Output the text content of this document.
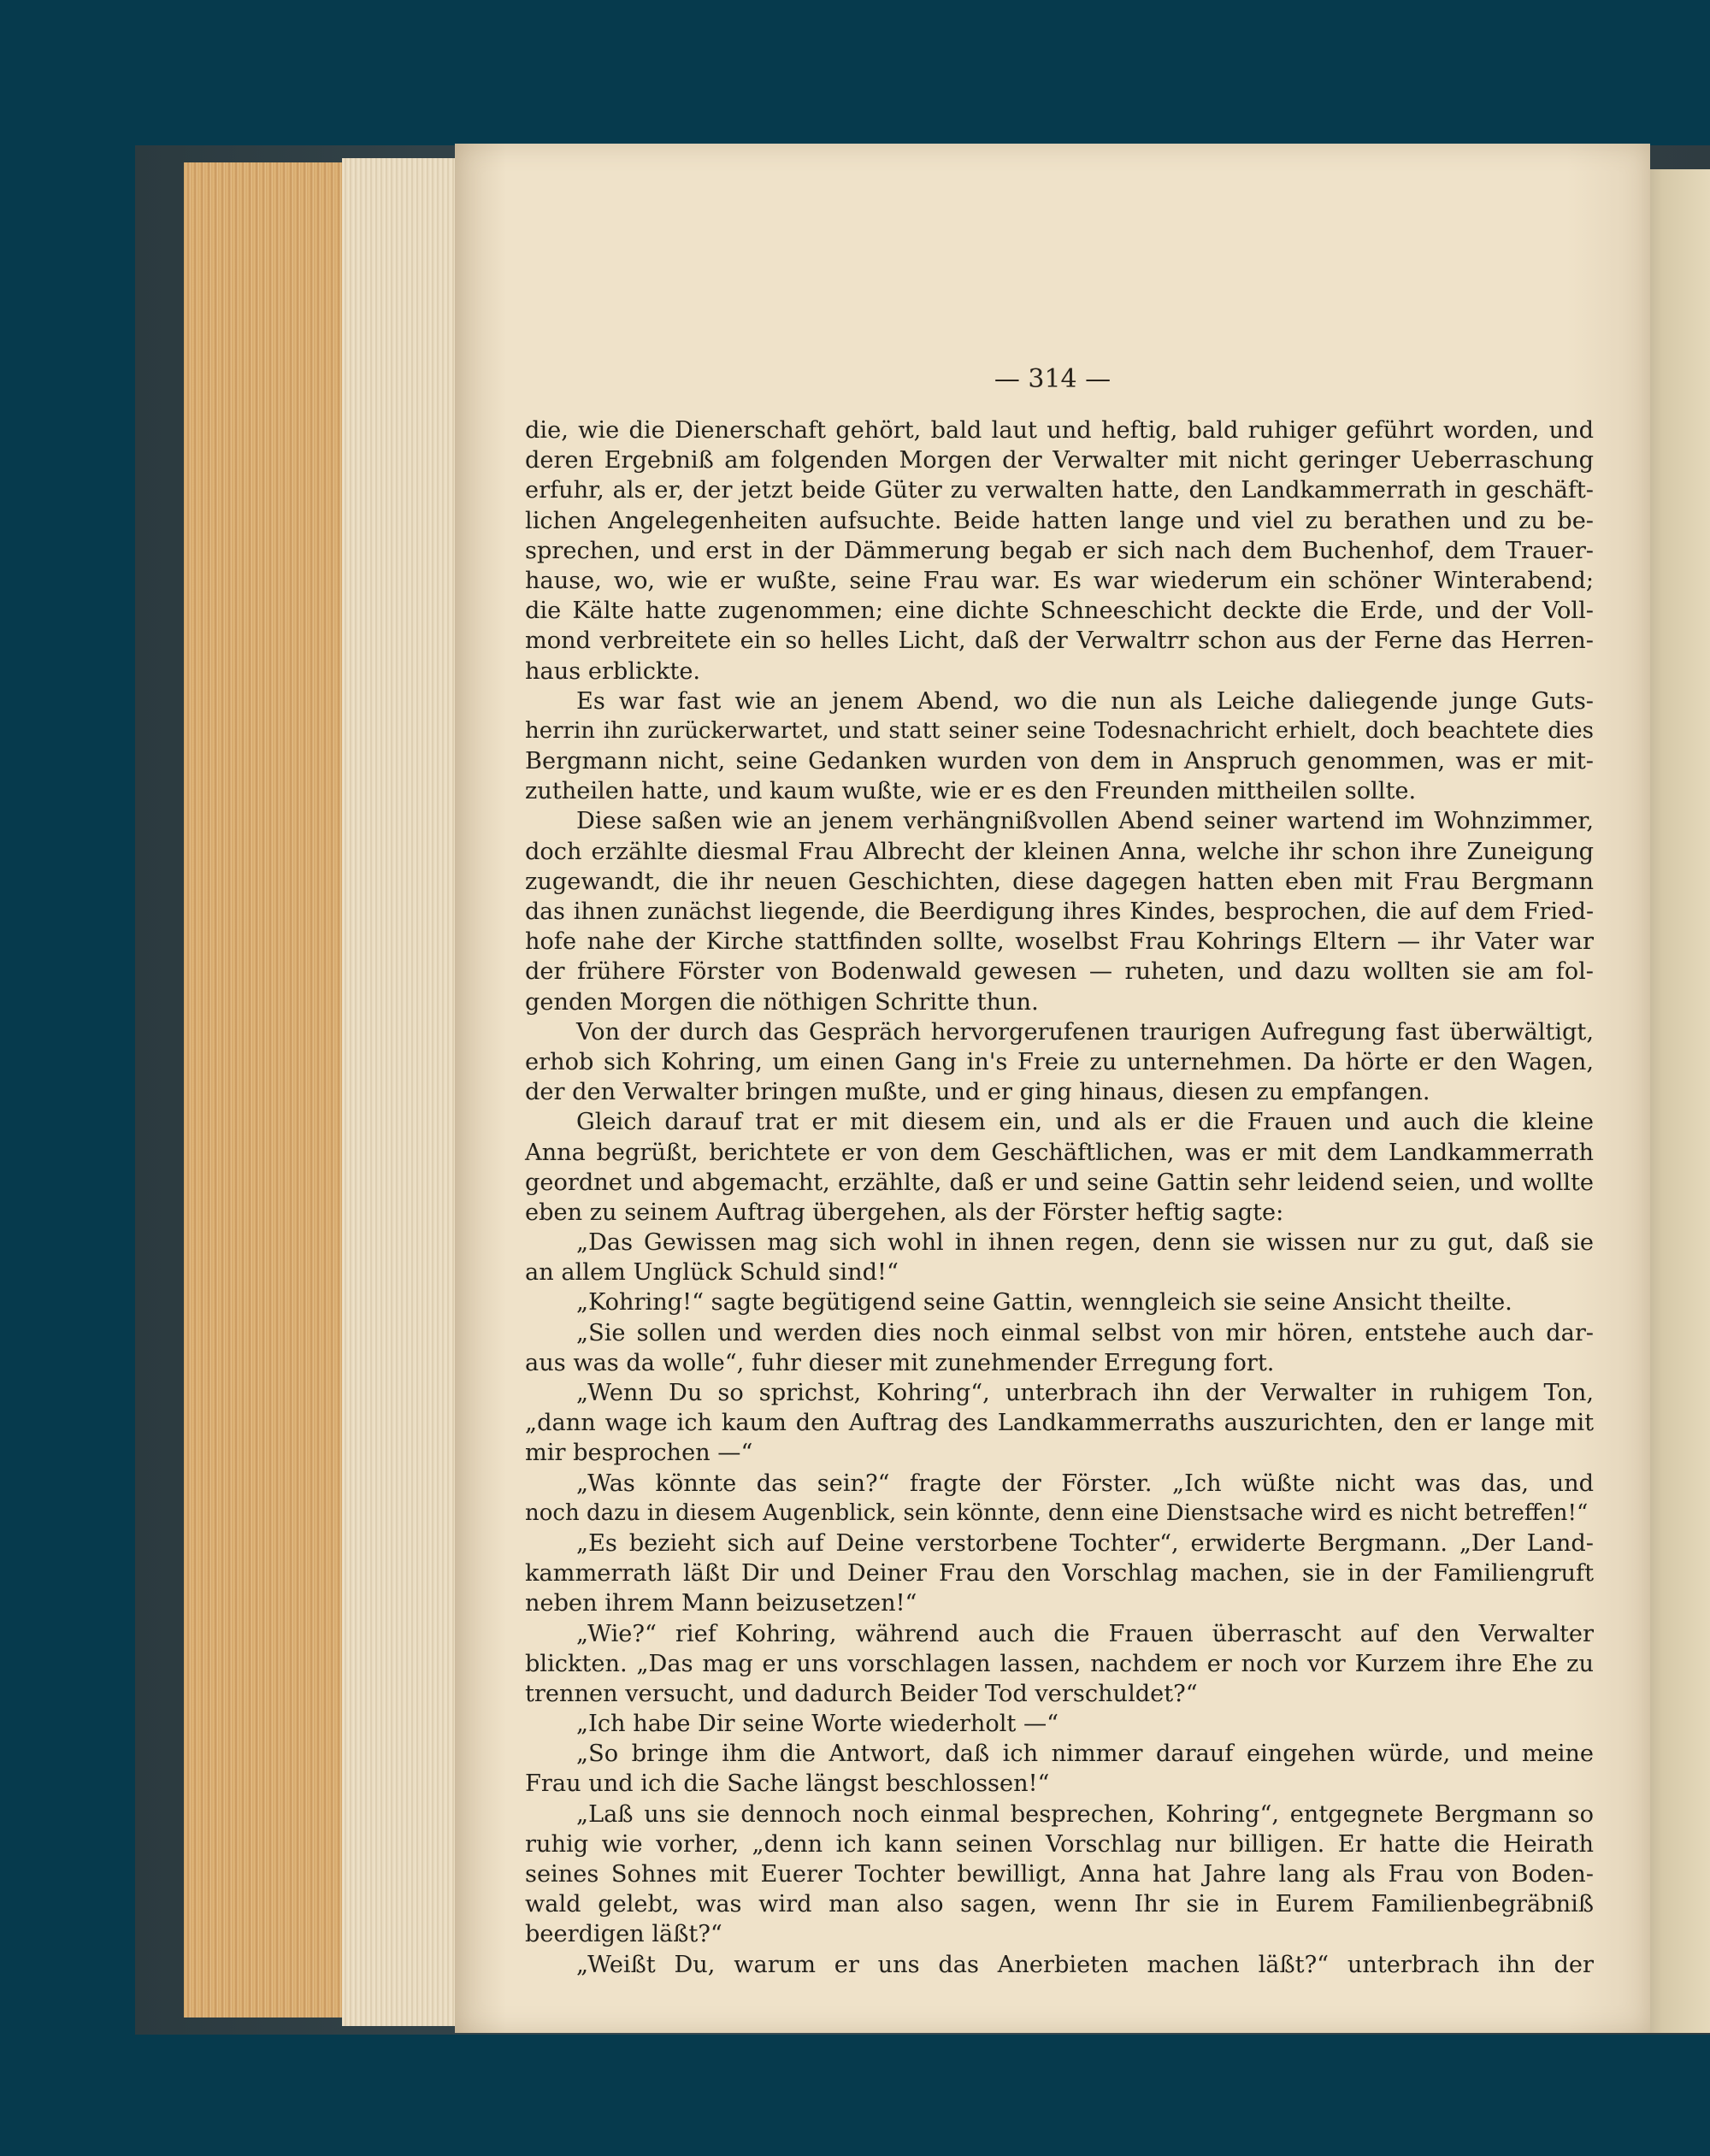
— 314 —
die, wie die Dienerschaft gehört, bald laut und heftig, bald ruhiger geführt worden, und
deren Ergebniß am folgenden Morgen der Verwalter mit nicht geringer Ueberraschung
erfuhr, als er, der jetzt beide Güter zu verwalten hatte, den Landkammerrath in geschäft-
lichen Angelegenheiten aufsuchte. Beide hatten lange und viel zu berathen und zu be-
sprechen, und erst in der Dämmerung begab er sich nach dem Buchenhof, dem Trauer-
hause, wo, wie er wußte, seine Frau war. Es war wiederum ein schöner Winterabend;
die Kälte hatte zugenommen; eine dichte Schneeschicht deckte die Erde, und der Voll-
mond verbreitete ein so helles Licht, daß der Verwaltrr schon aus der Ferne das Herren-
haus erblickte.
Es war fast wie an jenem Abend, wo die nun als Leiche daliegende junge Guts-
herrin ihn zurückerwartet, und statt seiner seine Todesnachricht erhielt, doch beachtete dies
Bergmann nicht, seine Gedanken wurden von dem in Anspruch genommen, was er mit-
zutheilen hatte, und kaum wußte, wie er es den Freunden mittheilen sollte.
Diese saßen wie an jenem verhängnißvollen Abend seiner wartend im Wohnzimmer,
doch erzählte diesmal Frau Albrecht der kleinen Anna, welche ihr schon ihre Zuneigung
zugewandt, die ihr neuen Geschichten, diese dagegen hatten eben mit Frau Bergmann
das ihnen zunächst liegende, die Beerdigung ihres Kindes, besprochen, die auf dem Fried-
hofe nahe der Kirche stattfinden sollte, woselbst Frau Kohrings Eltern — ihr Vater war
der frühere Förster von Bodenwald gewesen — ruheten, und dazu wollten sie am fol-
genden Morgen die nöthigen Schritte thun.
Von der durch das Gespräch hervorgerufenen traurigen Aufregung fast überwältigt,
erhob sich Kohring, um einen Gang in's Freie zu unternehmen. Da hörte er den Wagen,
der den Verwalter bringen mußte, und er ging hinaus, diesen zu empfangen.
Gleich darauf trat er mit diesem ein, und als er die Frauen und auch die kleine
Anna begrüßt, berichtete er von dem Geschäftlichen, was er mit dem Landkammerrath
geordnet und abgemacht, erzählte, daß er und seine Gattin sehr leidend seien, und wollte
eben zu seinem Auftrag übergehen, als der Förster heftig sagte:
„Das Gewissen mag sich wohl in ihnen regen, denn sie wissen nur zu gut, daß sie
an allem Unglück Schuld sind!“
„Kohring!“ sagte begütigend seine Gattin, wenngleich sie seine Ansicht theilte.
„Sie sollen und werden dies noch einmal selbst von mir hören, entstehe auch dar-
aus was da wolle“, fuhr dieser mit zunehmender Erregung fort.
„Wenn Du so sprichst, Kohring“, unterbrach ihn der Verwalter in ruhigem Ton,
„dann wage ich kaum den Auftrag des Landkammerraths auszurichten, den er lange mit
mir besprochen —“
„Was könnte das sein?“ fragte der Förster. „Ich wüßte nicht was das, und
noch dazu in diesem Augenblick, sein könnte, denn eine Dienstsache wird es nicht betreffen!“
„Es bezieht sich auf Deine verstorbene Tochter“, erwiderte Bergmann. „Der Land-
kammerrath läßt Dir und Deiner Frau den Vorschlag machen, sie in der Familiengruft
neben ihrem Mann beizusetzen!“
„Wie?“ rief Kohring, während auch die Frauen überrascht auf den Verwalter
blickten. „Das mag er uns vorschlagen lassen, nachdem er noch vor Kurzem ihre Ehe zu
trennen versucht, und dadurch Beider Tod verschuldet?“
„Ich habe Dir seine Worte wiederholt —“
„So bringe ihm die Antwort, daß ich nimmer darauf eingehen würde, und meine
Frau und ich die Sache längst beschlossen!“
„Laß uns sie dennoch noch einmal besprechen, Kohring“, entgegnete Bergmann so
ruhig wie vorher, „denn ich kann seinen Vorschlag nur billigen. Er hatte die Heirath
seines Sohnes mit Euerer Tochter bewilligt, Anna hat Jahre lang als Frau von Boden-
wald gelebt, was wird man also sagen, wenn Ihr sie in Eurem Familienbegräbniß
beerdigen läßt?“
„Weißt Du, warum er uns das Anerbieten machen läßt?“ unterbrach ihn der
